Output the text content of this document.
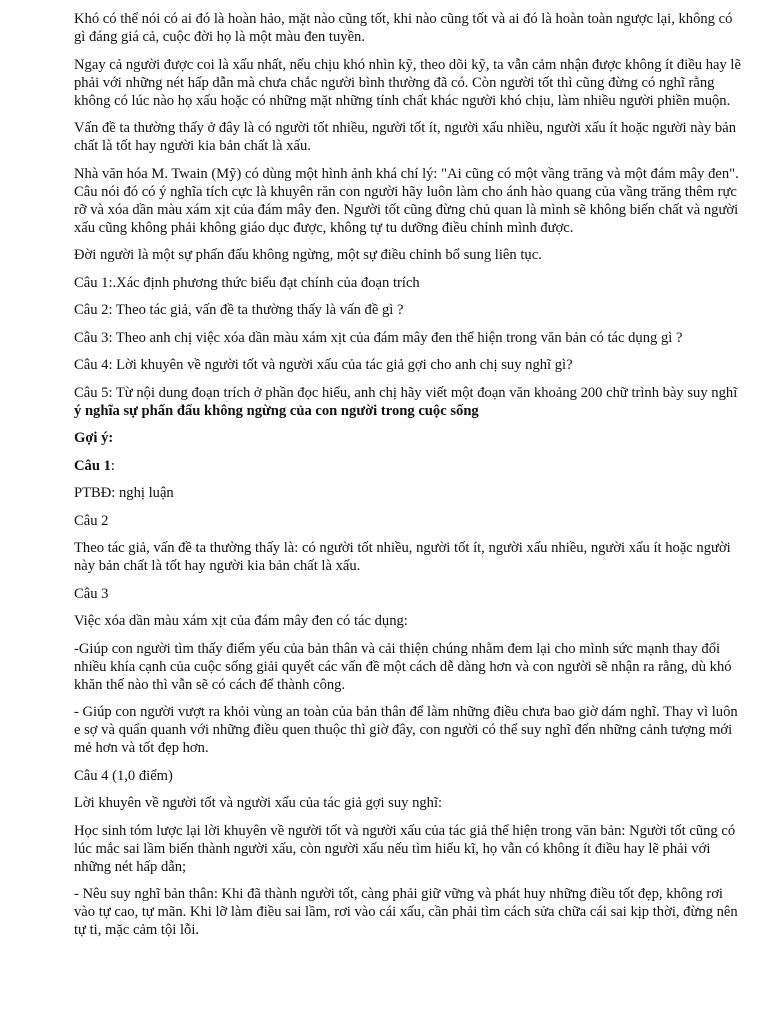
Khó có thể nói có ai đó là hoàn hảo, mặt nào cũng tốt, khi nào cũng tốt và ai đó là hoàn toàn ngược lại, không có gì đáng giá cả, cuộc đời họ là một màu đen tuyền.

Ngay cả người được coi là xấu nhất, nếu chịu khó nhìn kỹ, theo dõi kỹ, ta vẫn cảm nhận được không ít điều hay lẽ phải với những nét hấp dẫn mà chưa chắc người bình thường đã có. Còn người tốt thì cũng đừng có nghĩ rằng không có lúc nào họ xấu hoặc có những mặt những tính chất khác người khó chịu, làm nhiều người phiền muộn.

Vấn đề ta thường thấy ở đây là có người tốt nhiều, người tốt ít, người xấu nhiều, người xấu ít hoặc người này bản chất là tốt hay người kia bản chất là xấu.

Nhà văn hóa M. Twain (Mỹ) có dùng một hình ảnh khá chí lý: "Ai cũng có một vầng trăng và một đám mây đen". Câu nói đó có ý nghĩa tích cực là khuyên răn con người hãy luôn làm cho ánh hào quang của vầng trăng thêm rực rỡ và xóa dần màu xám xịt của đám mây đen. Người tốt cũng đừng chủ quan là mình sẽ không biến chất và người xấu cũng không phải không giáo dục được, không tự tu dưỡng điều chỉnh mình được.

Đời người là một sự phấn đấu không ngừng, một sự điều chỉnh bổ sung liên tục.

Câu 1:.Xác định phương thức biểu đạt chính của đoạn trích

Câu 2: Theo tác giả, vấn đề ta thường thấy là vấn đề gì ?

Câu 3: Theo anh chị việc xóa dần màu xám xịt của đám mây đen thể hiện trong văn bản có tác dụng gì ?

Câu 4: Lời khuyên về người tốt và người xấu của tác giả gợi cho anh chị suy nghĩ gì?

Câu 5: Từ nội dung đoạn trích ở phần đọc hiểu, anh chị hãy viết một đoạn văn khoảng 200 chữ trình bày suy nghĩ ý nghĩa sự phấn đấu không ngừng của con người trong cuộc sống

Gợi ý:

Câu 1:

PTBĐ: nghị luận

Câu 2

Theo tác giả, vấn đề ta thường thấy là: có người tốt nhiều, người tốt ít, người xấu nhiều, người xấu ít hoặc người này bản chất là tốt hay người kia bản chất là xấu.

Câu 3

Việc xóa dần màu xám xịt của đám mây đen có tác dụng:

-Giúp con người tìm thấy điểm yếu của bản thân và cải thiện chúng nhằm đem lại cho mình sức mạnh thay đổi nhiều khía cạnh của cuộc sống giải quyết các vấn đề một cách dễ dàng hơn và con người sẽ nhận ra rằng, dù khó khăn thế nào thì vẫn sẽ có cách để thành công.

- Giúp con người vượt ra khỏi vùng an toàn của bản thân để làm những điều chưa bao giờ dám nghĩ. Thay vì luôn e sợ và quẩn quanh với những điều quen thuộc thì giờ đây, con người có thể suy nghĩ đến những cảnh tượng mới mẻ hơn và tốt đẹp hơn.

Câu 4 (1,0 điểm)

Lời khuyên về người tốt và người xấu của tác giả gợi suy nghĩ:

Học sinh tóm lược lại lời khuyên về người tốt và người xấu của tác giả thể hiện trong văn bản: Người tốt cũng có lúc mắc sai lầm biến thành người xấu, còn người xấu nếu tìm hiểu kĩ, họ vẫn có không ít điều hay lẽ phải với những nét hấp dẫn;

- Nêu suy nghĩ bản thân: Khi đã thành người tốt, càng phải giữ vững và phát huy những điều tốt đẹp, không rơi vào tự cao, tự mãn. Khi lỡ làm điều sai lầm, rơi vào cái xấu, cần phải tìm cách sửa chữa cái sai kịp thời, đừng nên tự ti, mặc cảm tội lỗi.
